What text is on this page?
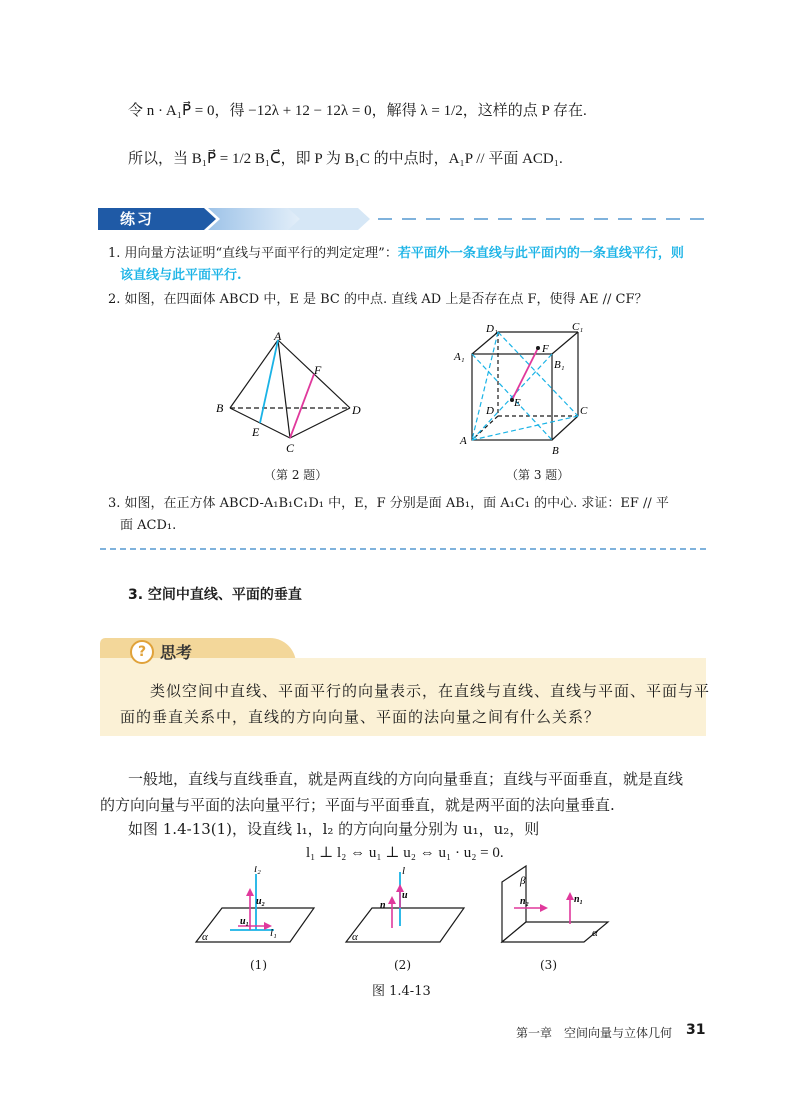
令 n · A₁P⃗ = 0，得 −12λ + 12 − 12λ = 0，解得 λ = 1/2，这样的点 P 存在.
所以，当 B₁P⃗ = 1/2 B₁C⃗，即 P 为 B₁C 的中点时，A₁P // 平面 ACD₁.
练习
1. 用向量方法证明“直线与平面平行的判定定理”：若平面外一条直线与此平面内的一条直线平行，则
该直线与此平面平行.
2. 如图，在四面体 ABCD 中，E 是 BC 的中点. 直线 AD 上是否存在点 F，使得 AE // CF？
A
B	D
C
E
F
（第 2 题）
D₁	C₁
A₁
B₁
D	C
A
B
F
E
（第 3 题）
3. 如图，在正方体 ABCD-A₁B₁C₁D₁ 中，E，F 分别是面 AB₁，面 A₁C₁ 的中心. 求证：EF // 平
面 ACD₁.
3. 空间中直线、平面的垂直
? 思考
类似空间中直线、平面平行的向量表示，在直线与直线、直线与平面、平面与平
面的垂直关系中，直线的方向向量、平面的法向量之间有什么关系？
一般地，直线与直线垂直，就是两直线的方向向量垂直；直线与平面垂直，就是直线
的方向向量与平面的法向量平行；平面与平面垂直，就是两平面的法向量垂直.
如图 1.4-13(1)，设直线 l₁，l₂ 的方向向量分别为 u₁，u₂，则
l₁ ⊥ l₂ ⇔ u₁ ⊥ u₂ ⇔ u₁ · u₂ = 0.
l₂
u₂
u₁
l₁
α
l
u
n
α
β
n₂	n₁
α
(1)	(2)	(3)
图 1.4-13
第一章　空间向量与立体几何 31
